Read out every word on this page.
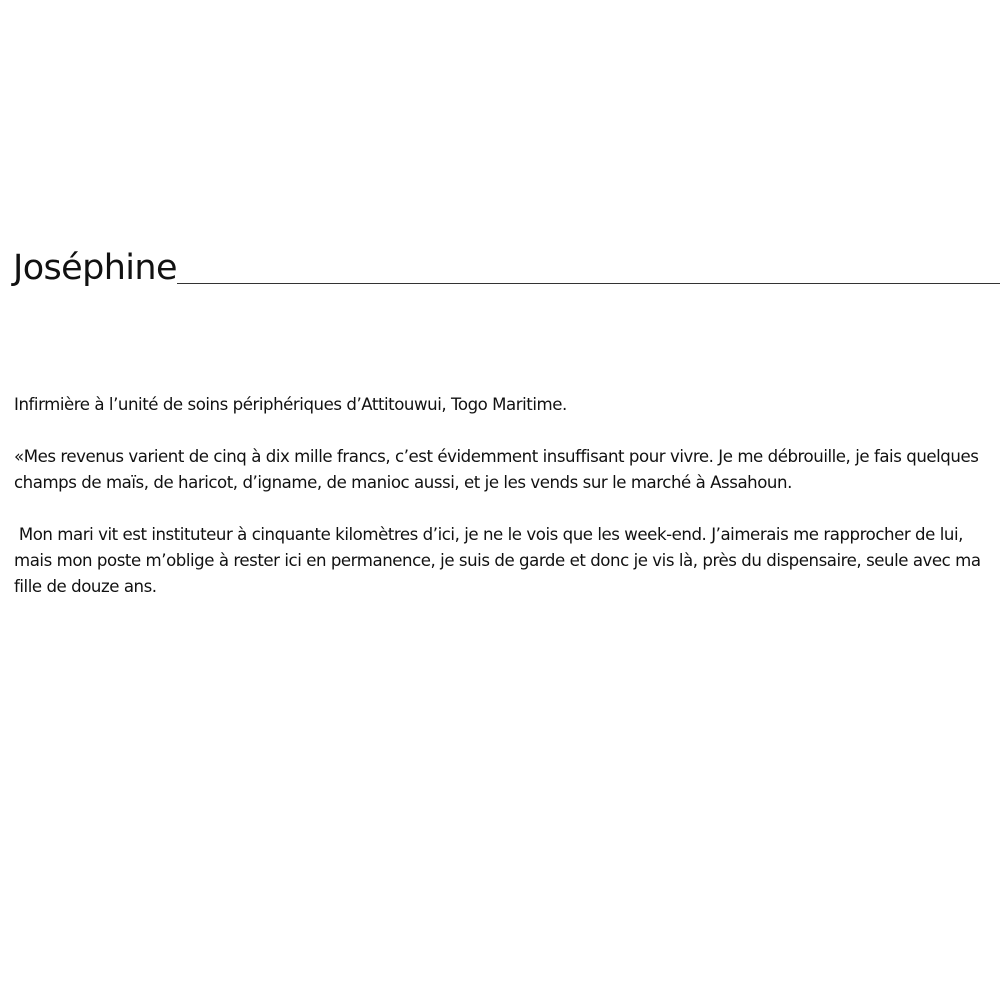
Joséphine

Infirmière à l’unité de soins périphériques d’Attitouwui, Togo Maritime.

«Mes revenus varient de cinq à dix mille francs, c’est évidemment insuffisant pour vivre. Je me débrouille, je fais quelques champs de maïs, de haricot, d’igname, de manioc aussi, et je les vends sur le marché à Assahoun.

Mon mari vit est instituteur à cinquante kilomètres d’ici, je ne le vois que les week-end. J’aimerais me rapprocher de lui, mais mon poste m’oblige à rester ici en permanence, je suis de garde et donc je vis là, près du dispensaire, seule avec ma fille de douze ans.
